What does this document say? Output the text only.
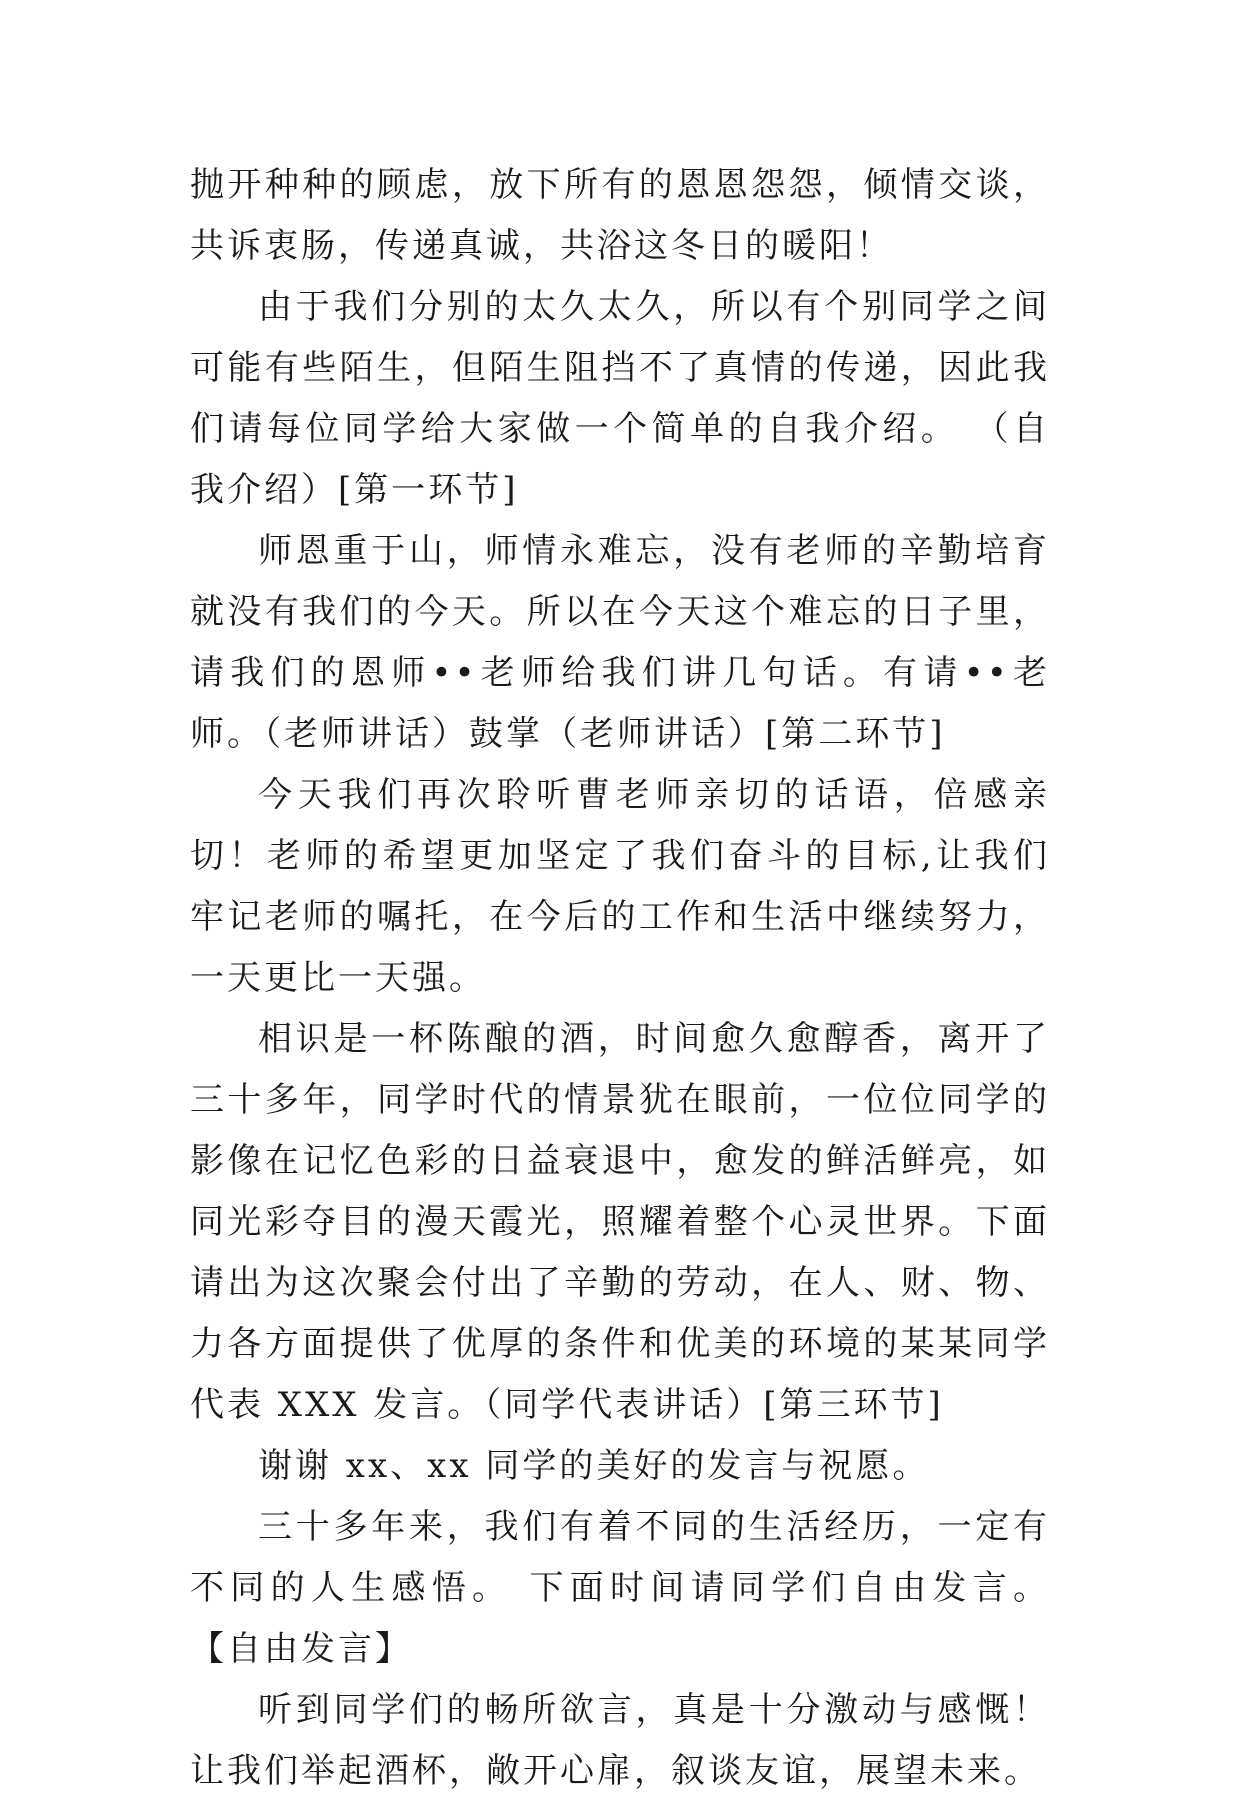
抛开种种的顾虑，放下所有的恩恩怨怨，倾情交谈，共诉衷肠，传递真诚，共浴这冬日的暖阳！

由于我们分别的太久太久，所以有个别同学之间可能有些陌生，但陌生阻挡不了真情的传递，因此我们请每位同学给大家做一个简单的自我介绍。 （自我介绍）[第一环节]

师恩重于山，师情永难忘，没有老师的辛勤培育就没有我们的今天。所以在今天这个难忘的日子里，请我们的恩师••老师给我们讲几句话。有请••老师。（老师讲话）鼓掌（老师讲话）[第二环节]

今天我们再次聆听曹老师亲切的话语，倍感亲切！老师的希望更加坚定了我们奋斗的目标,让我们牢记老师的嘱托，在今后的工作和生活中继续努力，一天更比一天强。

相识是一杯陈酿的酒，时间愈久愈醇香，离开了三十多年，同学时代的情景犹在眼前，一位位同学的影像在记忆色彩的日益衰退中，愈发的鲜活鲜亮，如同光彩夺目的漫天霞光，照耀着整个心灵世界。下面请出为这次聚会付出了辛勤的劳动，在人、财、物、力各方面提供了优厚的条件和优美的环境的某某同学代表 XXX 发言。（同学代表讲话）[第三环节]

谢谢 xx、xx 同学的美好的发言与祝愿。

三十多年来，我们有着不同的生活经历，一定有不同的人生感悟。 下面时间请同学们自由发言。 【自由发言】

听到同学们的畅所欲言，真是十分激动与感慨！让我们举起酒杯，敞开心扉，叙谈友谊，展望未来。
